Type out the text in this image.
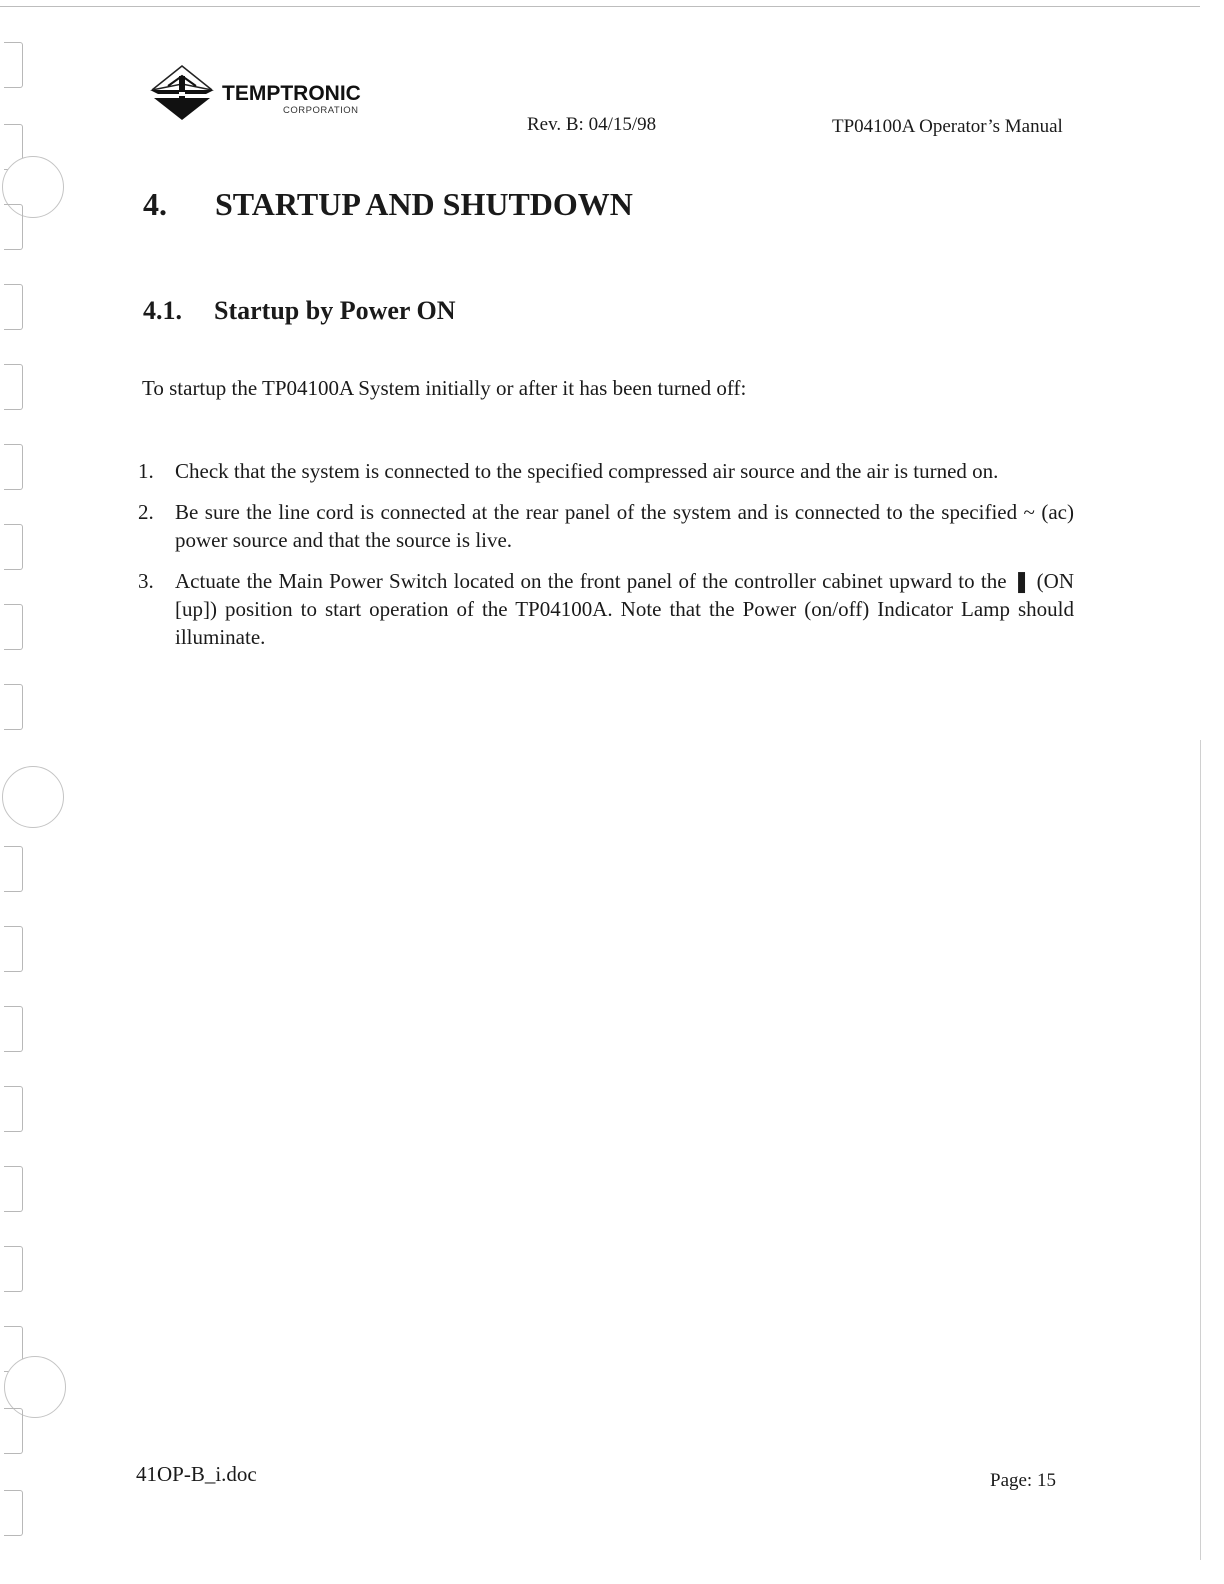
TEMPTRONIC
CORPORATION
Rev. B: 04/15/98	TP04100A Operator’s Manual
4. STARTUP AND SHUTDOWN
4.1. Startup by Power ON
To startup the TP04100A System initially or after it has been turned off:
1. Check that the system is connected to the specified compressed air source and the air is turned on.
2. Be sure the line cord is connected at the rear panel of the system and is connected to the specified ~ (ac) power source and that the source is live.
3. Actuate the Main Power Switch located on the front panel of the controller cabinet upward to the ❚ (ON [up]) position to start operation of the TP04100A. Note that the Power (on/off) Indicator Lamp should illuminate.
41OP-B_i.doc	Page: 15
